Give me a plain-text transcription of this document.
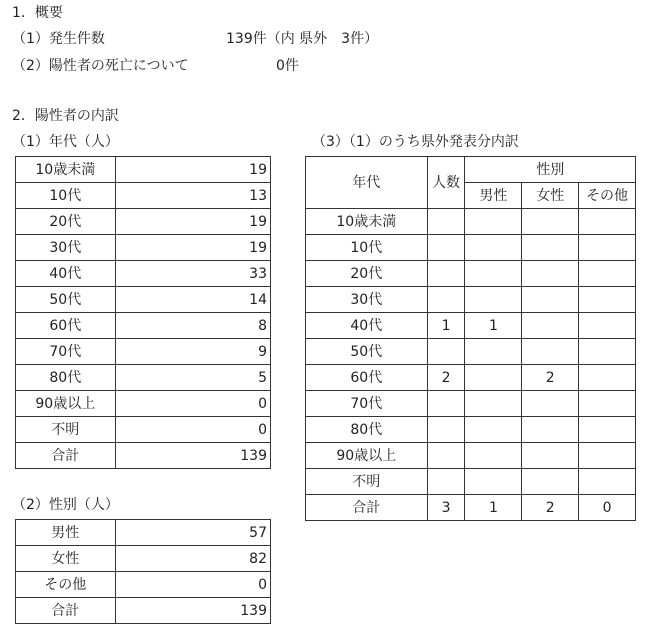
1．概要
（1）発生件数	139件（内 県外　3件）
（2）陽性者の死亡について	0件
2．陽性者の内訳
（1）年代（人）	（3）（1）のうち県外発表分内訳
10歳未満	19
10代	13
20代	19
30代	19
40代	33
50代	14
60代	8
70代	9
80代	5
90歳以上	0
不明	0
合計	139
（2）性別（人）
男性	57
女性	82
その他	0
合計	139
年代	人数	性別		
		男性	女性	その他
10歳未満				
10代				
20代				
30代				
40代	1	1		
50代				
60代	2		2	
70代				
80代				
90歳以上				
不明				
合計	3	1	2	0
